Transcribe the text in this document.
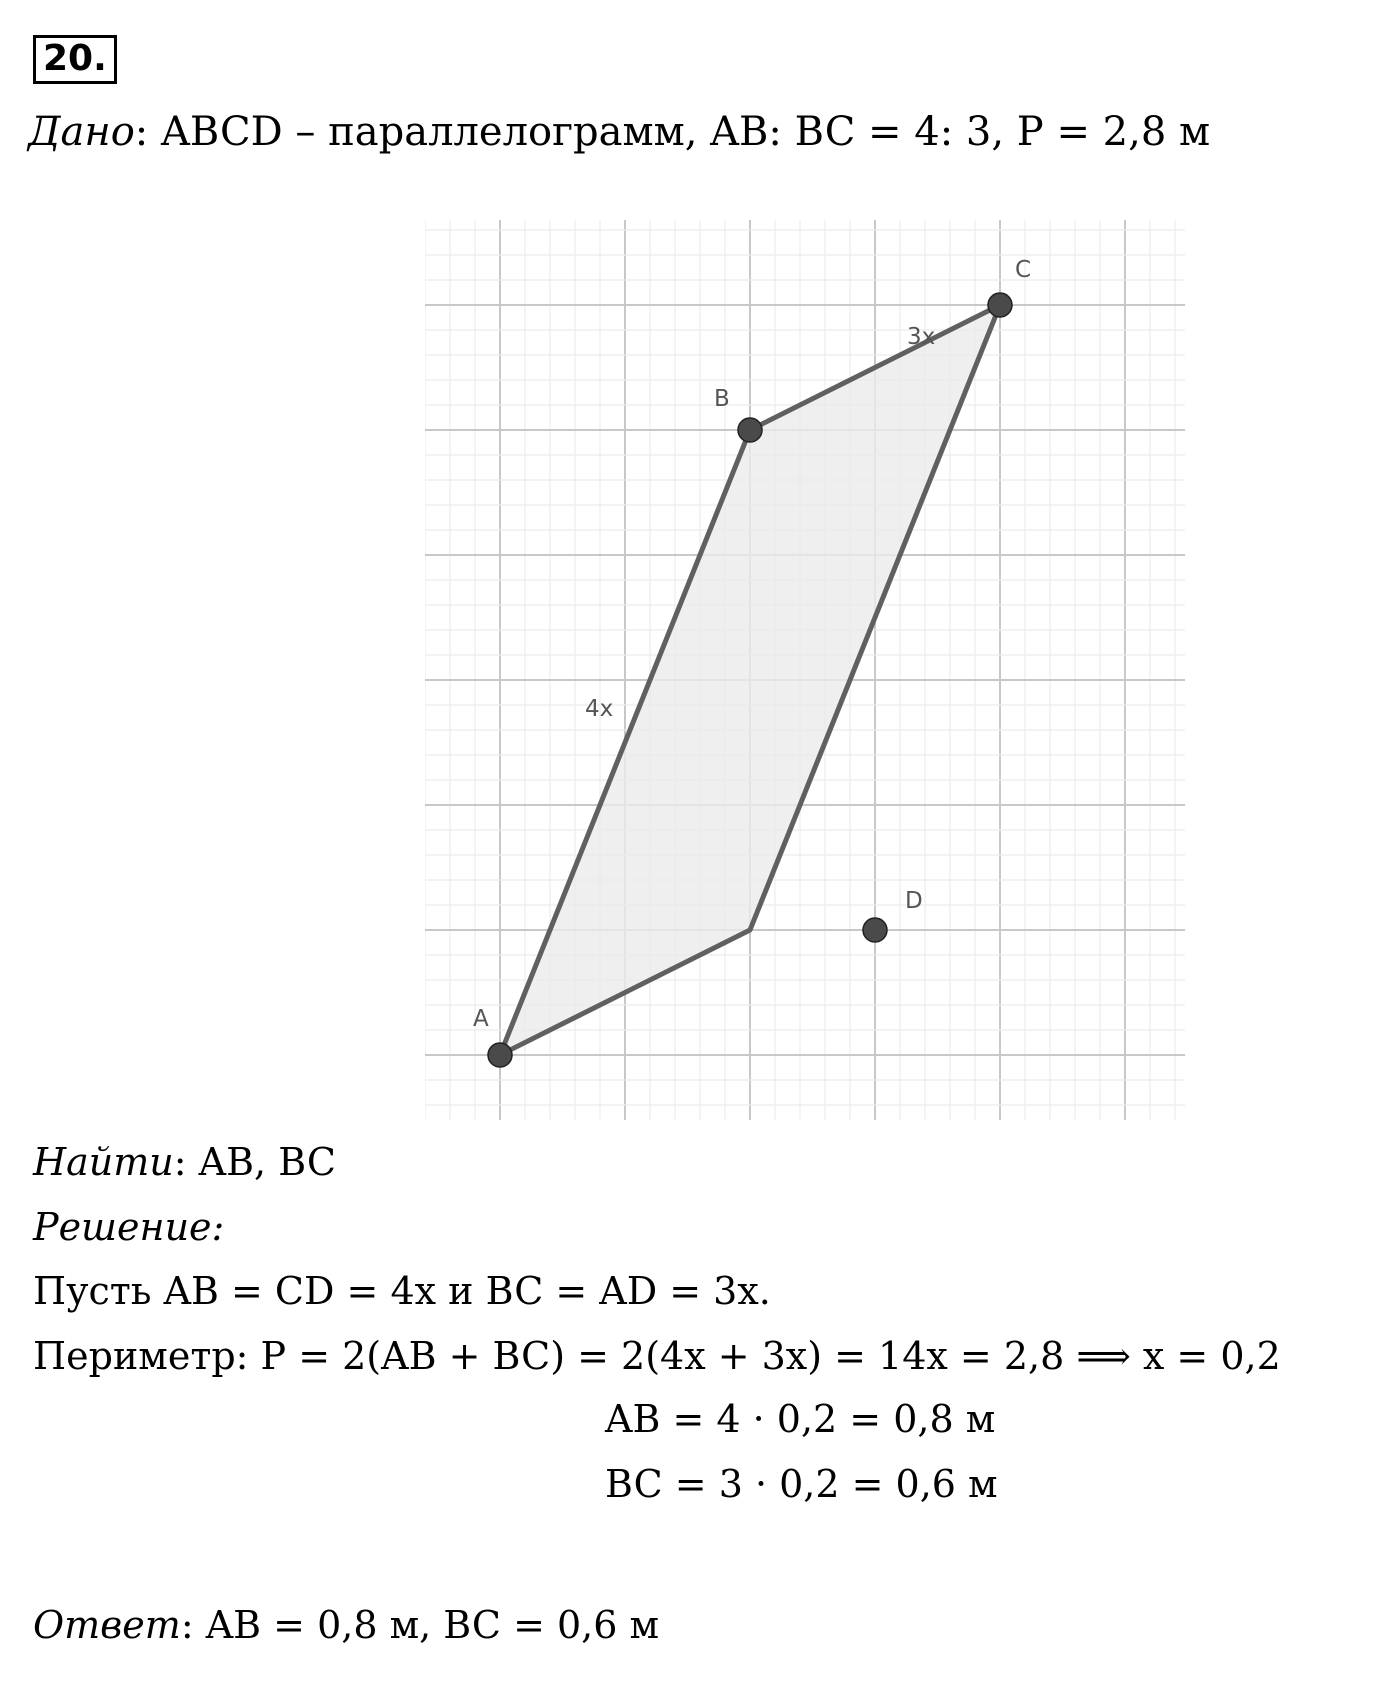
20.
Дано: ABCD – параллелограмм, AB: BC = 4: 3, P = 2,8 м
A
B
C
D
4x
3x
Найти: AB, BC
Решение:
Пусть AB = CD = 4x и BC = AD = 3x.
Периметр: P = 2(AB + BC) = 2(4x + 3x) = 14x = 2,8 ⟹ x = 0,2
AB = 4 · 0,2 = 0,8 м
BC = 3 · 0,2 = 0,6 м
Ответ: AB = 0,8 м, BC = 0,6 м
